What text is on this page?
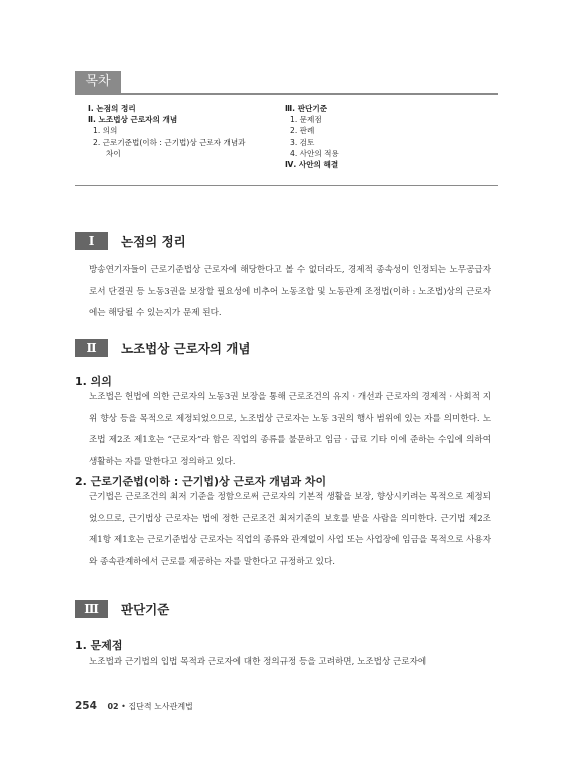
목차
Ⅰ. 논점의 정리
Ⅱ. 노조법상 근로자의 개념
1. 의의
2. 근로기준법(이하 : 근기법)상 근로자 개념과
차이
Ⅲ. 판단기준
1. 문제점
2. 판례
3. 검토
4. 사안의 적용
Ⅳ. 사안의 해결
Ⅰ	논점의 정리
방송연기자들이 근로기준법상 근로자에 해당한다고 볼 수 없더라도, 경제적 종속성이 인정되는 노무공급자로서 단결권 등 노동3권을 보장할 필요성에 비추어 노동조합 및 노동관계 조정법(이하 : 노조법)상의 근로자에는 해당될 수 있는지가 문제 된다.
Ⅱ	노조법상 근로자의 개념
1. 의의
노조법은 헌법에 의한 근로자의 노동3권 보장을 통해 근로조건의 유지 · 개선과 근로자의 경제적 · 사회적 지위 향상 등을 목적으로 제정되었으므로, 노조법상 근로자는 노동 3권의 행사 범위에 있는 자를 의미한다. 노조법 제2조 제1호는 “근로자”라 함은 직업의 종류를 불문하고 임금 · 급료 기타 이에 준하는 수입에 의하여 생활하는 자를 말한다고 정의하고 있다.
2. 근로기준법(이하 : 근기법)상 근로자 개념과 차이
근기법은 근로조건의 최저 기준을 정함으로써 근로자의 기본적 생활을 보장, 향상시키려는 목적으로 제정되었으므로, 근기법상 근로자는 법에 정한 근로조건 최저기준의 보호를 받을 사람을 의미한다. 근기법 제2조 제1항 제1호는 근로기준법상 근로자는 직업의 종류와 관계없이 사업 또는 사업장에 임금을 목적으로 사용자와 종속관계하에서 근로를 제공하는 자를 말한다고 규정하고 있다.
Ⅲ	판단기준
1. 문제점
노조법과 근기법의 입법 목적과 근로자에 대한 정의규정 등을 고려하면, 노조법상 근로자에
254 02 • 집단적 노사관계법
